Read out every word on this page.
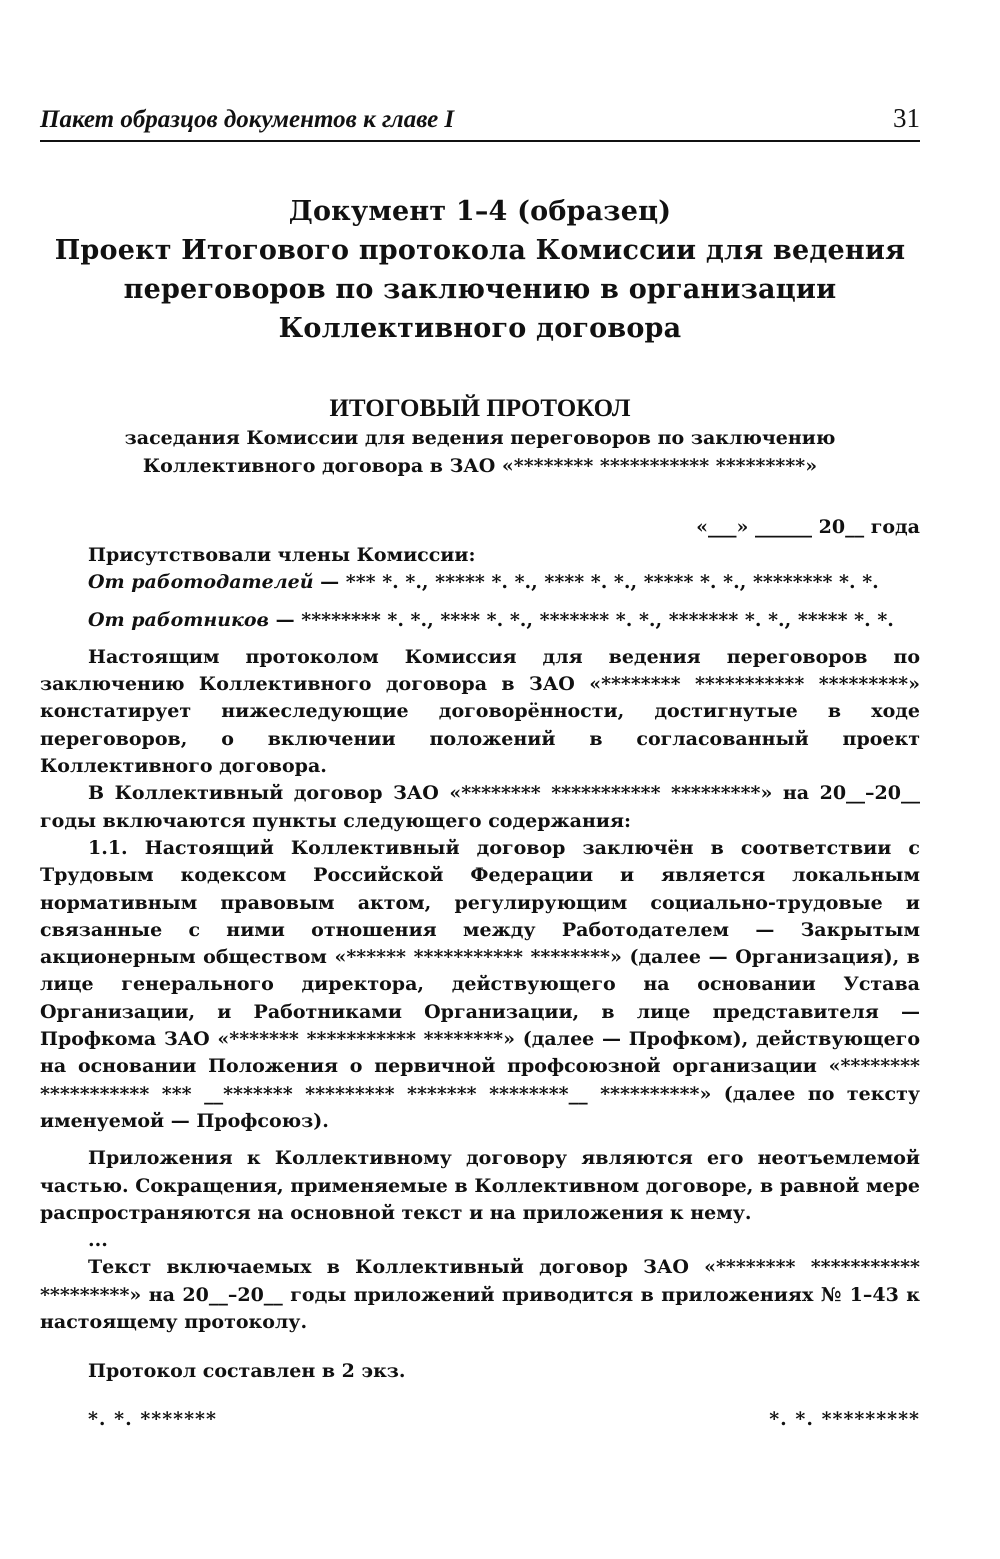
Пакет образцов документов к главе I	31
Документ 1–4 (образец)
Проект Итогового протокола Комиссии для ведения
переговоров по заключению в организации
Коллективного договора
ИТОГОВЫЙ ПРОТОКОЛ
заседания Комиссии для ведения переговоров по заключению
Коллективного договора в ЗАО «******** *********** *********»
«___» ______ 20__ года

Присутствовали члены Комиссии:

От работодателей — *** *. *., ***** *. *., **** *. *., ***** *. *., ******** *. *.

От работников — ******** *. *., **** *. *., ******* *. *., ******* *. *., ***** *. *.

Настоящим протоколом Комиссия для ведения переговоров по заключению Коллективного договора в ЗАО «******** *********** *********» констатирует нижеследующие договорённости, достигнутые в ходе переговоров, о включении положений в согласованный проект Коллективного договора.

В Коллективный договор ЗАО «******** *********** *********» на 20__–20__ годы включаются пункты следующего содержания:

1.1. Настоящий Коллективный договор заключён в соответствии с Трудовым кодексом Российской Федерации и является локальным нормативным правовым актом, регулирующим социально-трудовые и связанные с ними отношения между Работодателем — Закрытым акционерным обществом «****** *********** ********» (далее — Организация), в лице генерального директора, действующего на основании Устава Организации, и Работниками Организации, в лице представителя — Профкома ЗАО «******* *********** ********» (далее — Профком), действующего на основании Положения о первичной профсоюзной организации «******** *********** *** __******* ********* ******* ********__ **********» (далее по тексту именуемой — Профсоюз).

Приложения к Коллективному договору являются его неотъемлемой частью. Сокращения, применяемые в Коллективном договоре, в равной мере распространяются на основной текст и на приложения к нему.

...

Текст включаемых в Коллективный договор ЗАО «******** *********** *********» на 20__–20__ годы приложений приводится в приложениях № 1–43 к настоящему протоколу.

Протокол составлен в 2 экз.

*. *. *******	*. *. *********
